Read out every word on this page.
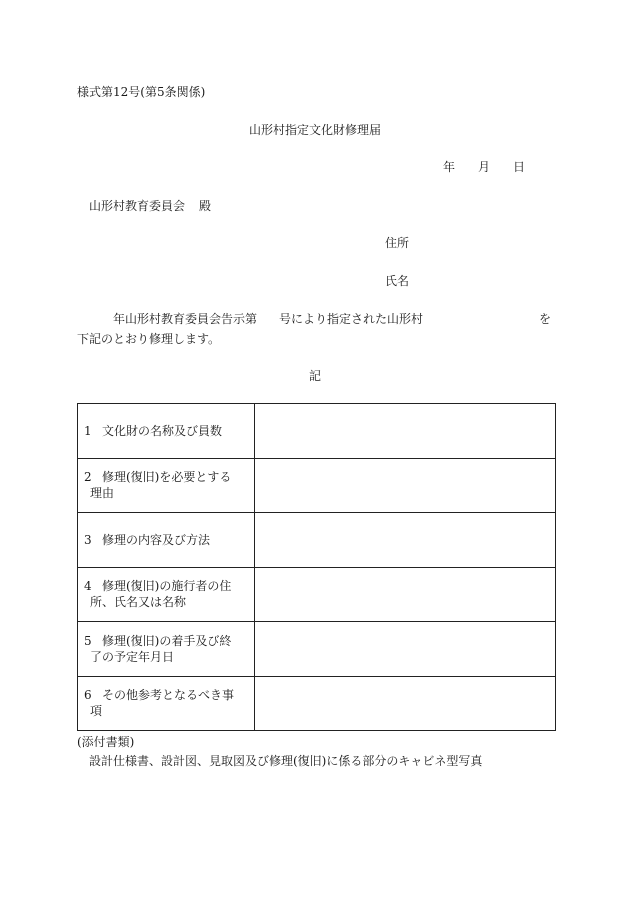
様式第12号(第5条関係)
山形村指定文化財修理届
年 月 日
山形村教育委員会 殿
住所
氏名
年山形村教育委員会告示第 号により指定された山形村	を
下記のとおり修理します。
記
1 文化財の名称及び員数	
2 修理(復旧)を必要とする
理由	

3 修理の内容及び方法	
4 修理(復旧)の施行者の住
所、氏名又は名称	

5 修理(復旧)の着手及び終
了の予定年月日	

6 その他参考となるべき事
項	

(添付書類)
設計仕様書、設計図、見取図及び修理(復旧)に係る部分のキャビネ型写真
